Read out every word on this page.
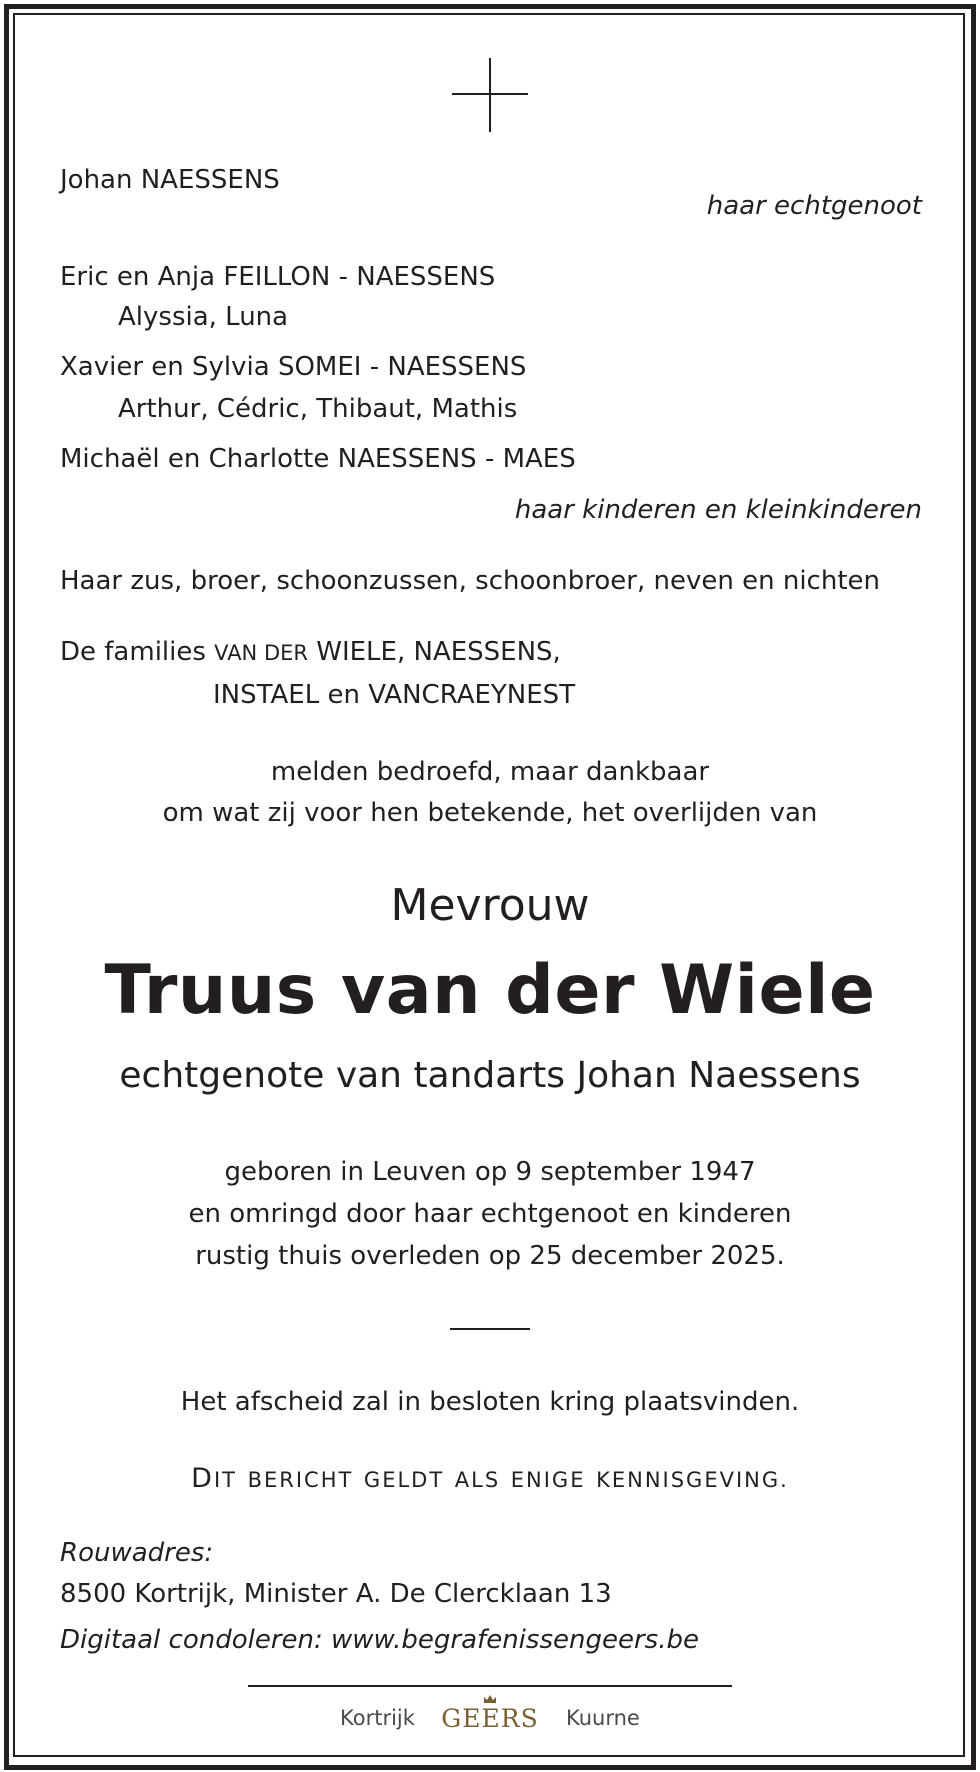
Johan NAESSENS
haar echtgenoot
Eric en Anja FEILLON - NAESSENS
Alyssia, Luna
Xavier en Sylvia SOMEI - NAESSENS
Arthur, Cédric, Thibaut, Mathis
Michaël en Charlotte NAESSENS - MAES
haar kinderen en kleinkinderen
Haar zus, broer, schoonzussen, schoonbroer, neven en nichten
De families VAN DER WIELE, NAESSENS,
INSTAEL en VANCRAEYNEST
melden bedroefd, maar dankbaar
om wat zij voor hen betekende, het overlijden van
Mevrouw
Truus van der Wiele
echtgenote van tandarts Johan Naessens
geboren in Leuven op 9 september 1947
en omringd door haar echtgenoot en kinderen
rustig thuis overleden op 25 december 2025.
Het afscheid zal in besloten kring plaatsvinden.
DIT BERICHT GELDT ALS ENIGE KENNISGEVING.
Rouwadres:
8500 Kortrijk, Minister A. De Clercklaan 13
Digitaal condoleren: www.begrafenissengeers.be
Kortrijk GEERS Kuurne
